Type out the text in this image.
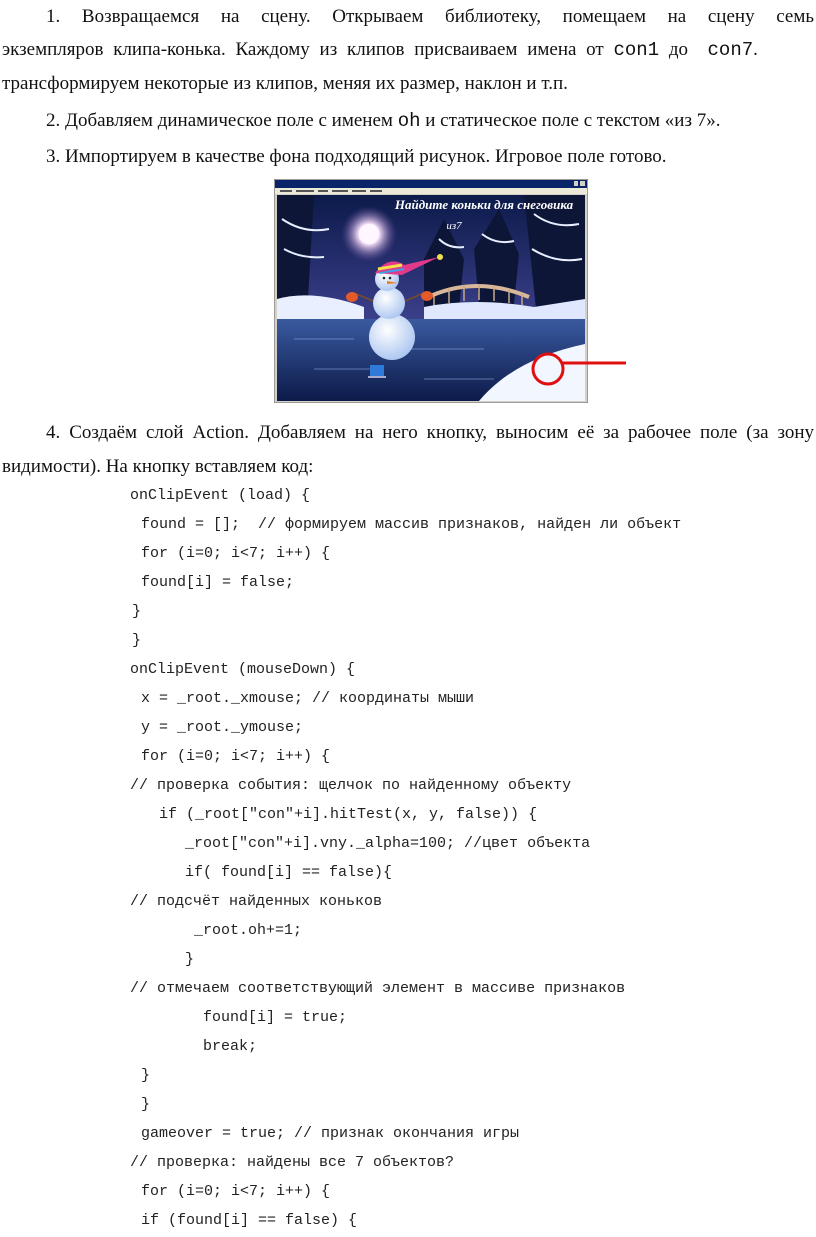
1. Возвращаемся на сцену. Открываем библиотеку, помещаем на сцену семь

экземпляров клипа-конька. Каждому из клипов присваиваем имена от con1 до con7.

трансформируем некоторые из клипов, меняя их размер, наклон и т.п.

2. Добавляем динамическое поле с именем oh и статическое поле с текстом «из 7».

3. Импортируем в качестве фона подходящий рисунок. Игровое поле готово.

Найдите коньки для снеговика
из7

4. Создаём слой Action. Добавляем на него кнопку, выносим её за рабочее поле (за зону

видимости). На кнопку вставляем код:

onClipEvent (load) {
found = [];  // формируем массив признаков, найден ли объект
for (i=0; i<7; i++) {
found[i] = false;
}
}
onClipEvent (mouseDown) {
x = _root._xmouse; // координаты мыши
y = _root._ymouse;
for (i=0; i<7; i++) {
// проверка события: щелчок по найденному объекту
if (_root["con"+i].hitTest(x, y, false)) {
_root["con"+i].vny._alpha=100; //цвет объекта
if( found[i] == false){
// подсчёт найденных коньков
_root.oh+=1;
}
// отмечаем соответствующий элемент в массиве признаков
found[i] = true;
break;
}
}
gameover = true; // признак окончания игры
// проверка: найдены все 7 объектов?
for (i=0; i<7; i++) {
if (found[i] == false) {
